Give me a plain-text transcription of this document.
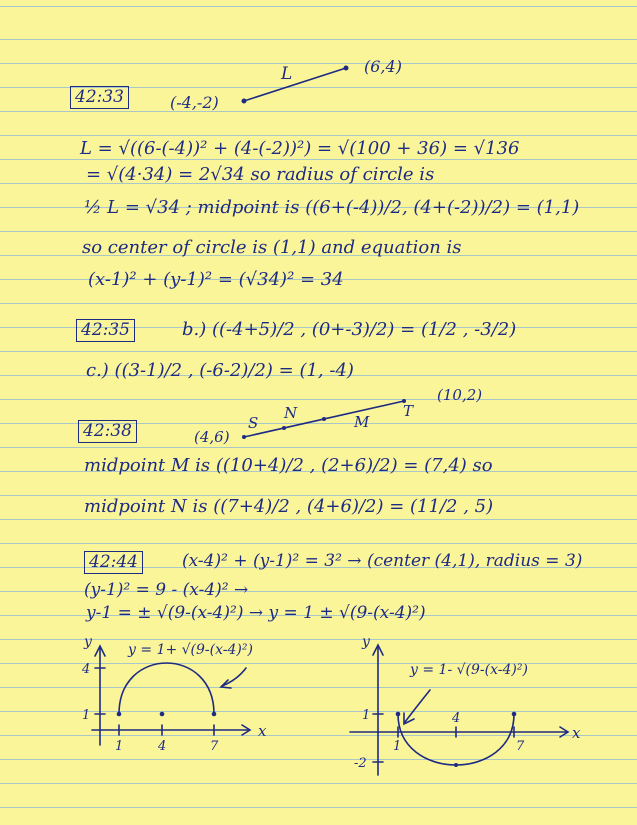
42:33
L
(-4,-2)
(6,4)
L = √((6-(-4))² + (4-(-2))²) = √(100 + 36) = √136
= √(4·34) = 2√34 so radius of circle is
½ L = √34 ; midpoint is ((6+(-4))/2, (4+(-2))/2) = (1,1)
so center of circle is (1,1) and equation is
(x-1)² + (y-1)² = (√34)² = 34
42:35	b.) ((-4+5)/2 , (0+-3)/2) = (1/2 , -3/2)
c.) ((3-1)/2 , (-6-2)/2) = (1, -4)
42:38	S
N	M
T
(4,6)
(10,2)
midpoint M is ((10+4)/2 , (2+6)/2) = (7,4) so
midpoint N is ((7+4)/2 , (4+6)/2) = (11/2 , 5)
42:44	(x-4)² + (y-1)² = 3² → (center (4,1), radius = 3)
(y-1)² = 9 - (x-4)² →
y-1 = ± √(9-(x-4)²) → y = 1 ± √(9-(x-4)²)
y = 1+ √(9-(x-4)²)
y
x
1	4	7
1
4	y = 1- √(9-(x-4)²)
y
x
1
4
7
1
-2
